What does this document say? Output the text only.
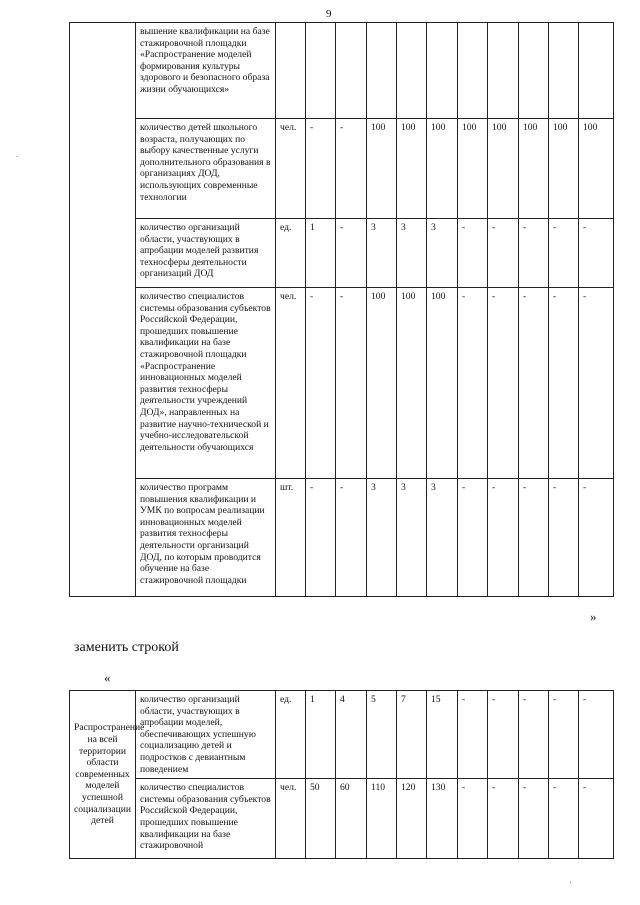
9
	вышение квалификации на базе стажировочной площадки «Распространение моделей формирования культуры здорового и безопасного образа жизни обучающихся»											
	количество детей школьного возраста, получающих по выбору качественные услуги дополнительного образования в организациях ДОД, использующих современные технологии	чел.	-	-	100	100	100	100	100	100	100	100
	количество организаций области, участвующих в апробации моделей развития техносферы деятельности организаций ДОД	ед.	1	-	3	3	3	-	-	-	-	-
	количество специалистов системы образования субъектов Российской Федерации, прошедших повышение квалификации на базе стажировочной площадки «Распространение инновационных моделей развития техносферы деятельности учреждений ДОД», направленных на развитие научно-технической и учебно-исследовательской деятельности обучающихся	чел.	-	-	100	100	100	-	-	-	-	-
	количество программ повышения квалификации и УМК по вопросам реализации инновационных моделей развития техносферы деятельности организаций ДОД, по которым проводится обучение на базе стажировочной площадки	шт.	-	-	3	3	3	-	-	-	-	-
»
заменить строкой
«
Распространение на всей территории области современных моделей успешной социализации детей	количество организаций области, участвующих в апробации моделей, обеспечивающих успешную социализацию детей и подростков с девиантным поведением	ед.	1	4	5	7	15	-	-	-	-	-
	количество специалистов системы образования субъектов Российской Федерации, прошедших повышение квалификации на базе стажировочной	чел.	50	60	110	120	130	-	-	-	-	-
.
'
